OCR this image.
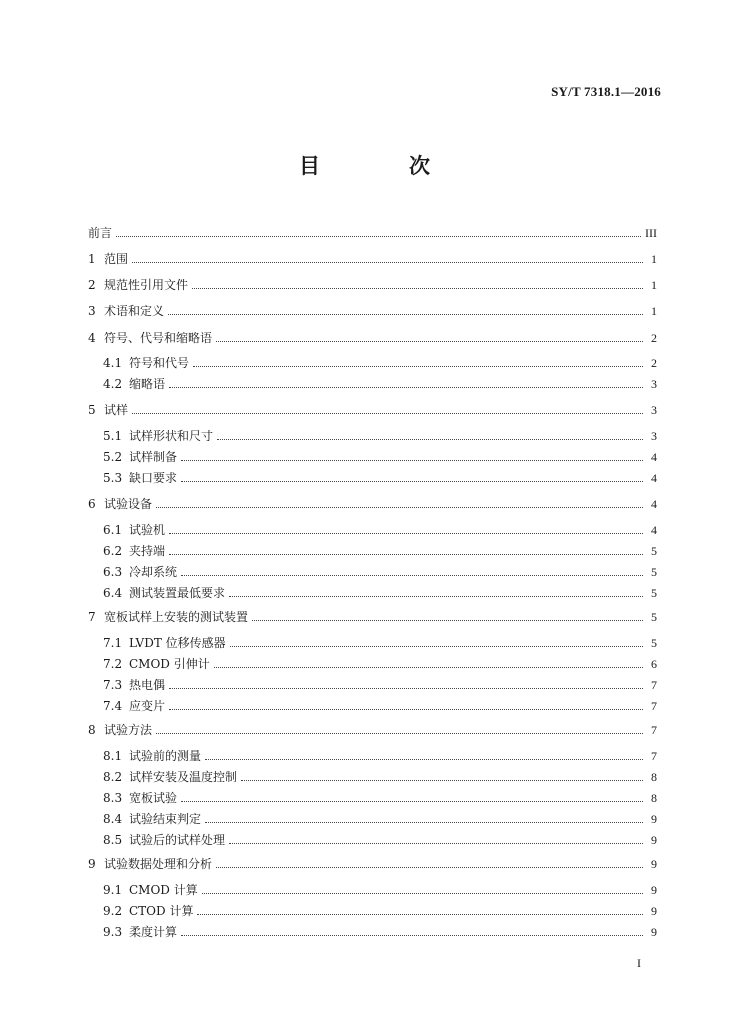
SY/T 7318.1—2016
目　次
前言	III
1 范围	1
2 规范性引用文件	1
3 术语和定义	1
4 符号、代号和缩略语	2
4.1 符号和代号	2
4.2 缩略语	3
5 试样	3
5.1 试样形状和尺寸	3
5.2 试样制备	4
5.3 缺口要求	4
6 试验设备	4
6.1 试验机	4
6.2 夹持端	5
6.3 冷却系统	5
6.4 测试装置最低要求	5
7 宽板试样上安装的测试装置	5
7.1 LVDT 位移传感器	5
7.2 CMOD 引伸计	6
7.3 热电偶	7
7.4 应变片	7
8 试验方法	7
8.1 试验前的测量	7
8.2 试样安装及温度控制	8
8.3 宽板试验	8
8.4 试验结束判定	9
8.5 试验后的试样处理	9
9 试验数据处理和分析	9
9.1 CMOD 计算	9
9.2 CTOD 计算	9
9.3 柔度计算	9
I
